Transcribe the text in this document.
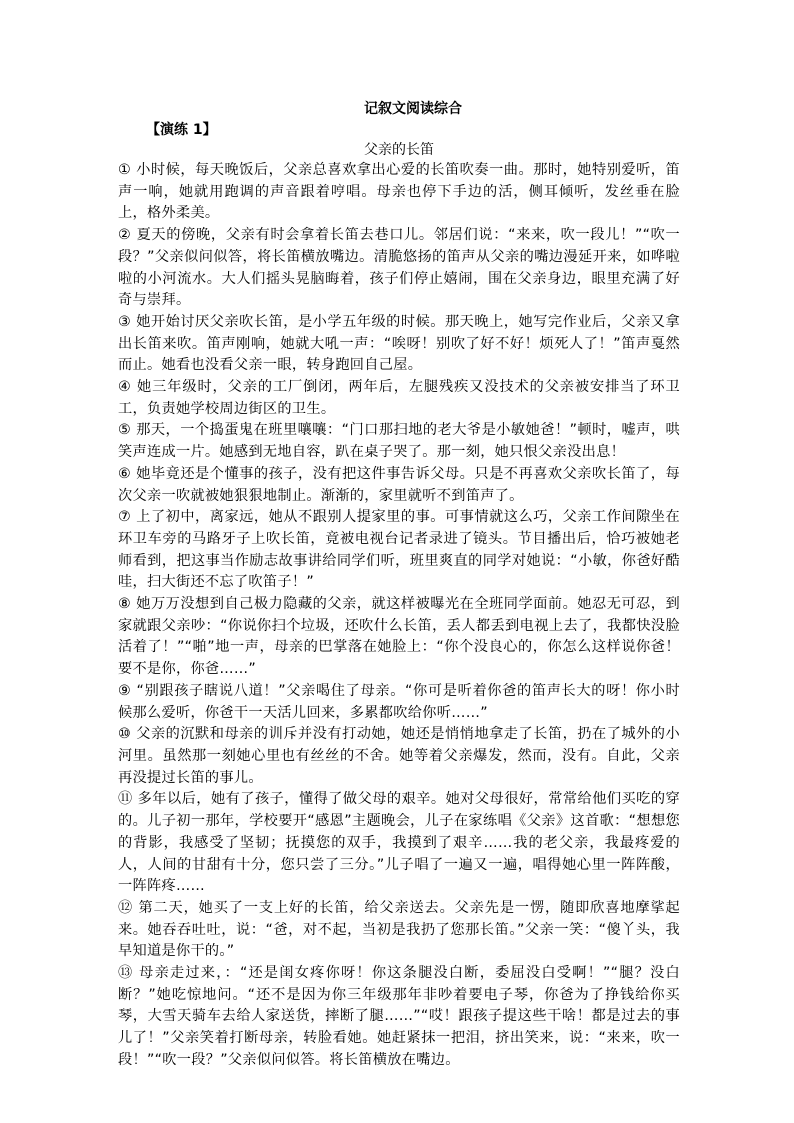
记叙文阅读综合
【演练 1】
父亲的长笛

① 小时候，每天晚饭后，父亲总喜欢拿出心爱的长笛吹奏一曲。那时，她特别爱听，笛声一响，她就用跑调的声音跟着哼唱。母亲也停下手边的活，侧耳倾听，发丝垂在脸上，格外柔美。

② 夏天的傍晚，父亲有时会拿着长笛去巷口儿。邻居们说：“来来，吹一段儿！”“吹一段？”父亲似问似答，将长笛横放嘴边。清脆悠扬的笛声从父亲的嘴边漫延开来，如哗啦啦的小河流水。大人们摇头晃脑晦着，孩子们停止嬉闹，围在父亲身边，眼里充满了好奇与崇拜。

③ 她开始讨厌父亲吹长笛，是小学五年级的时候。那天晚上，她写完作业后，父亲又拿出长笛来吹。笛声刚响，她就大吼一声：“唉呀！别吹了好不好！烦死人了！”笛声戛然而止。她看也没看父亲一眼，转身跑回自己屋。

④ 她三年级时，父亲的工厂倒闭，两年后，左腿残疾又没技术的父亲被安排当了环卫工，负责她学校周边街区的卫生。

⑤ 那天，一个捣蛋鬼在班里嚷嚷：“门口那扫地的老大爷是小敏她爸！”顿时，嘘声，哄笑声连成一片。她感到无地自容，趴在桌子哭了。那一刻，她只恨父亲没出息！

⑥ 她毕竟还是个懂事的孩子，没有把这件事告诉父母。只是不再喜欢父亲吹长笛了，每次父亲一吹就被她狠狠地制止。渐渐的，家里就听不到笛声了。

⑦ 上了初中，离家远，她从不跟别人提家里的事。可事情就这么巧，父亲工作间隙坐在环卫车旁的马路牙子上吹长笛，竟被电视台记者录进了镜头。节目播出后，恰巧被她老师看到，把这事当作励志故事讲给同学们听，班里爽直的同学对她说：“小敏，你爸好酷哇，扫大街还不忘了吹笛子！”

⑧ 她万万没想到自己极力隐藏的父亲，就这样被曝光在全班同学面前。她忍无可忍，到家就跟父亲吵：“你说你扫个垃圾，还吹什么长笛，丢人都丢到电视上去了，我都快没脸活着了！”“啪”地一声，母亲的巴掌落在她脸上：“你个没良心的，你怎么这样说你爸！要不是你，你爸……”

⑨ “别跟孩子瞎说八道！”父亲喝住了母亲。“你可是听着你爸的笛声长大的呀！你小时候那么爱听，你爸干一天活儿回来，多累都吹给你听……”

⑩ 父亲的沉默和母亲的训斥并没有打动她，她还是悄悄地拿走了长笛，扔在了城外的小河里。虽然那一刻她心里也有丝丝的不舍。她等着父亲爆发，然而，没有。自此，父亲再没提过长笛的事儿。

⑪ 多年以后，她有了孩子，懂得了做父母的艰辛。她对父母很好，常常给他们买吃的穿的。儿子初一那年，学校要开“感恩”主题晚会，儿子在家练唱《父亲》这首歌：“想想您的背影，我感受了坚韧；抚摸您的双手，我摸到了艰辛……我的老父亲，我最疼爱的人，人间的甘甜有十分，您只尝了三分。”儿子唱了一遍又一遍，唱得她心里一阵阵酸，一阵阵疼……

⑫ 第二天，她买了一支上好的长笛，给父亲送去。父亲先是一愣，随即欣喜地摩挲起来。她吞吞吐吐，说：“爸，对不起，当初是我扔了您那长笛。”父亲一笑：“傻丫头，我早知道是你干的。”

⑬ 母亲走过来，：“还是闺女疼你呀！你这条腿没白断，委屈没白受啊！”“腿？没白断？”她吃惊地问。“还不是因为你三年级那年非吵着要电子琴，你爸为了挣钱给你买琴，大雪天骑车去给人家送货，摔断了腿……”“哎！跟孩子提这些干啥！都是过去的事儿了！”父亲笑着打断母亲，转脸看她。她赶紧抹一把泪，挤出笑来，说：“来来，吹一段！”“吹一段？”父亲似问似答。将长笛横放在嘴边。
